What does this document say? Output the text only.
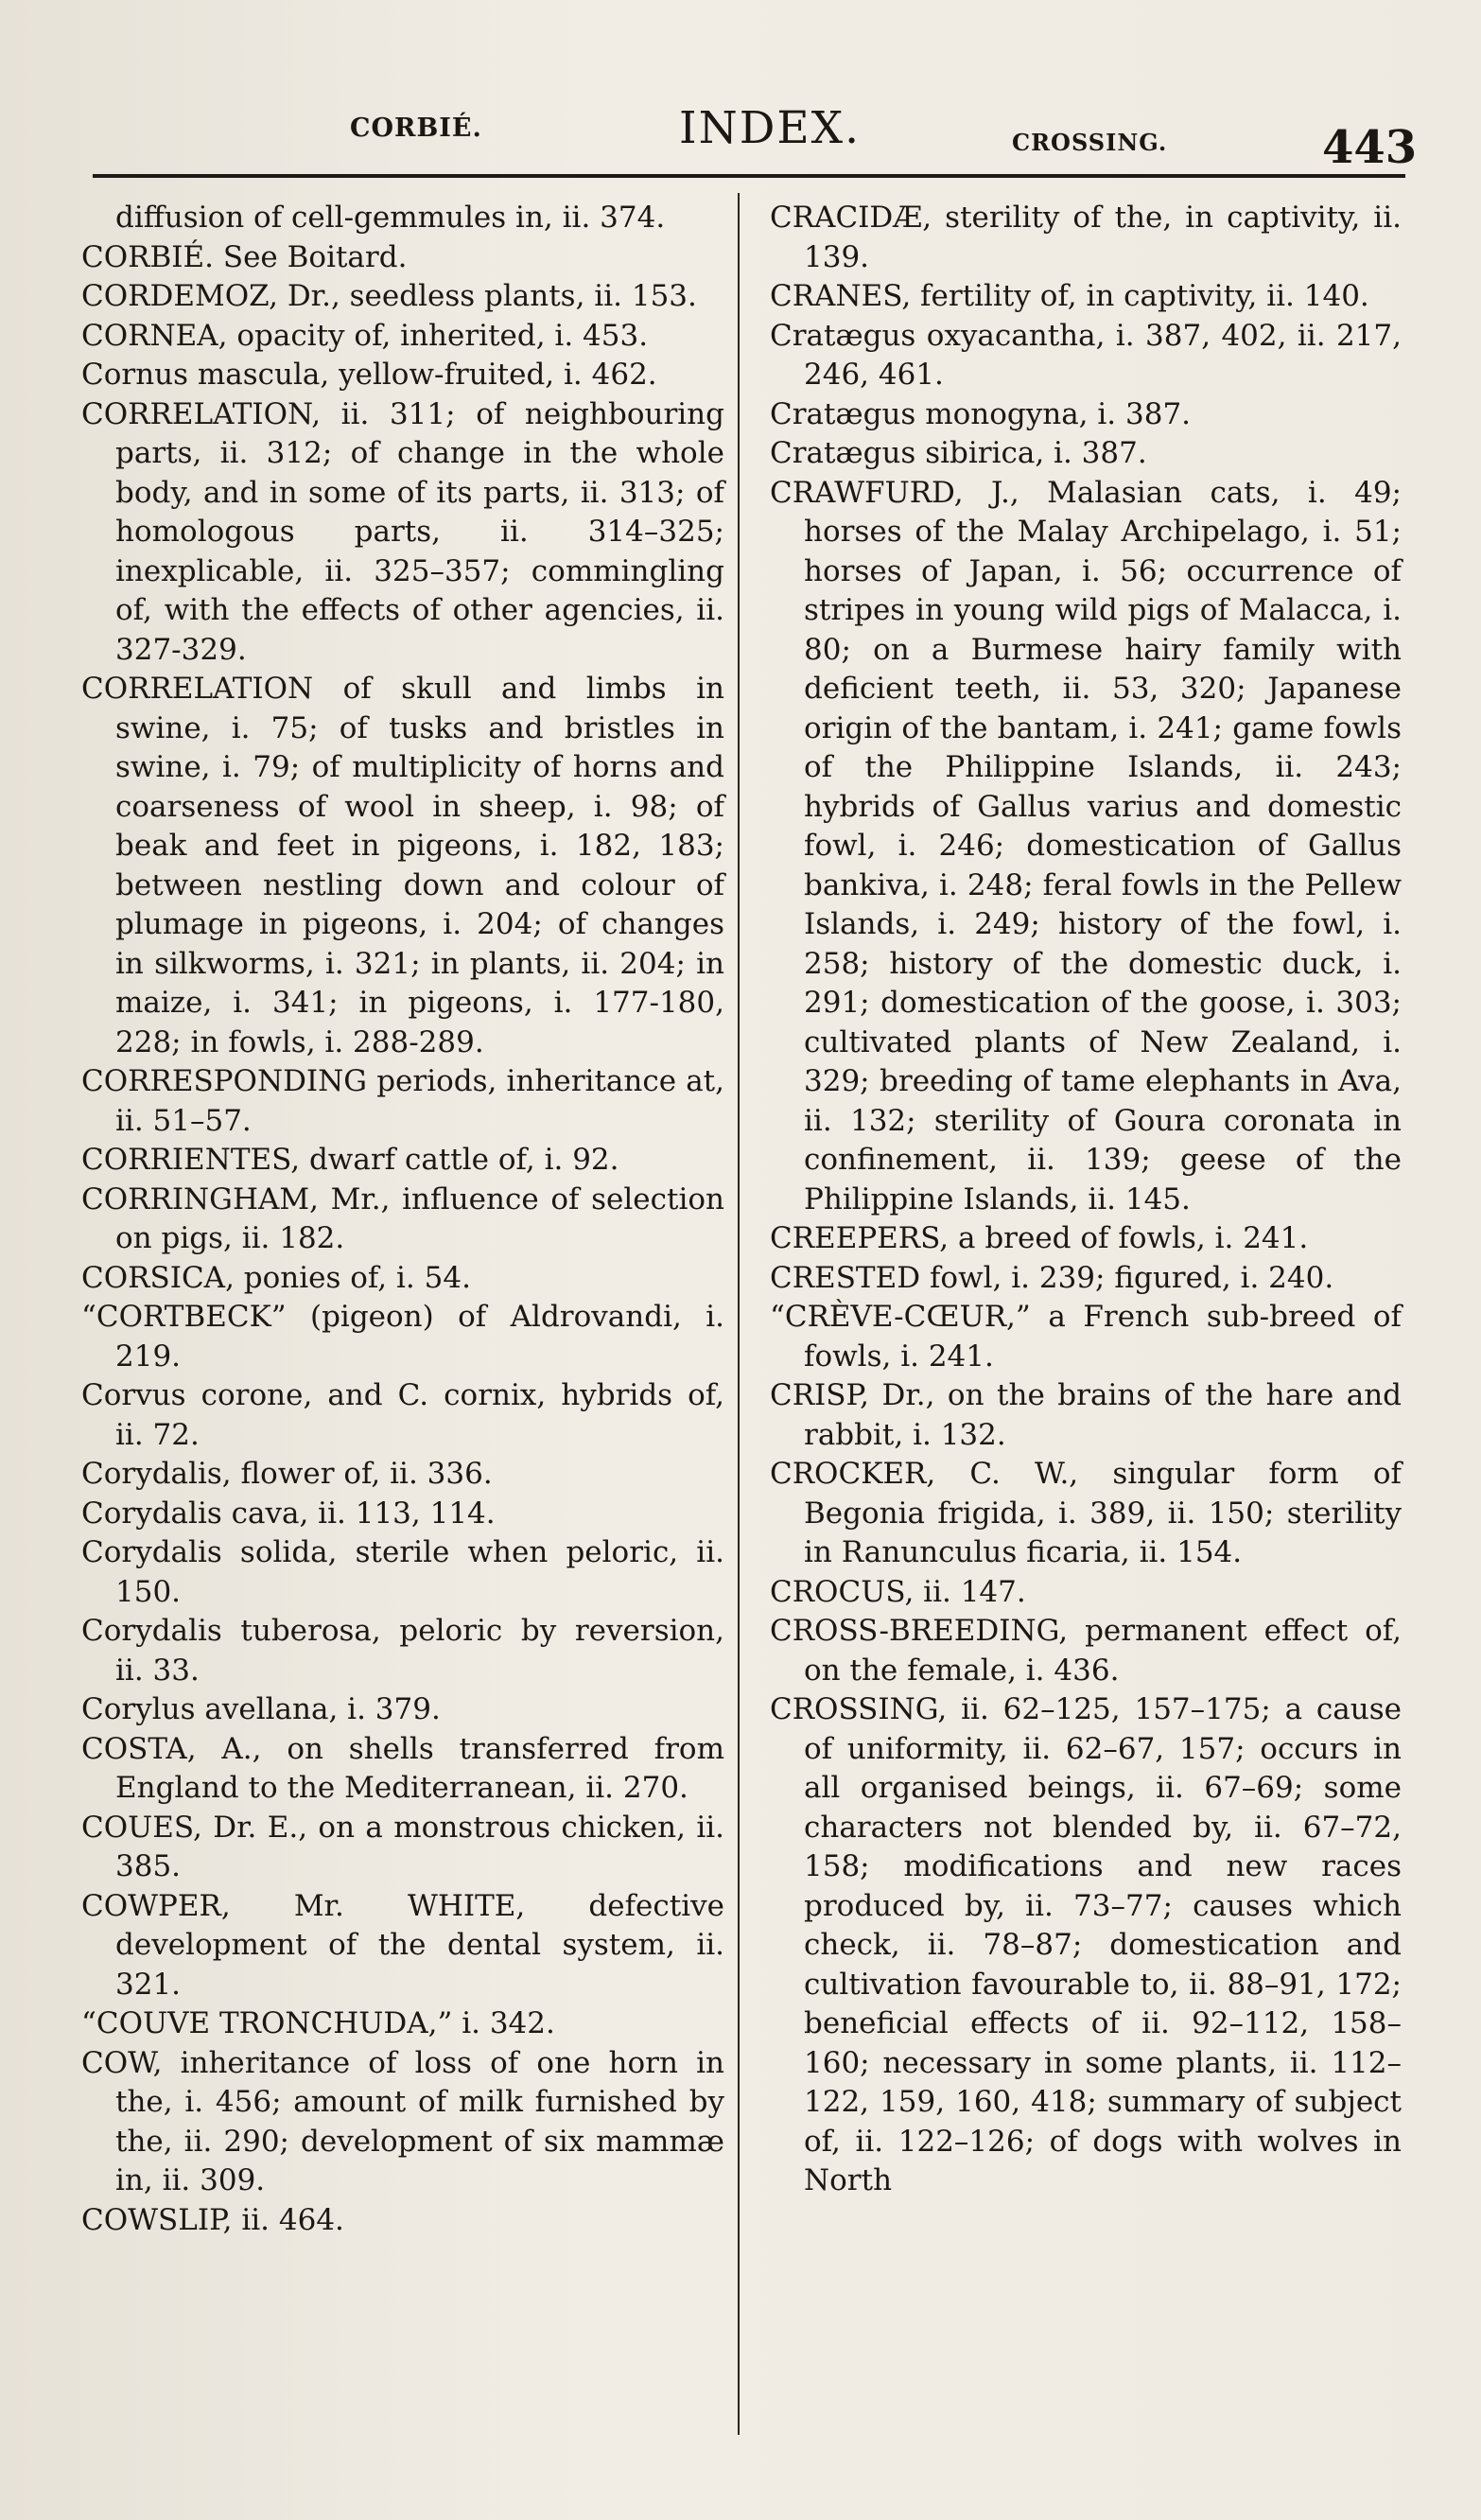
CORBIÉ.	INDEX.	CROSSING.	443

diffusion of cell-gemmules in, ii. 374.

CORBIÉ. See Boitard.

CORDEMOZ, Dr., seedless plants, ii. 153.

CORNEA, opacity of, inherited, i. 453.

Cornus mascula, yellow-fruited, i. 462.

CORRELATION, ii. 311; of neighbouring parts, ii. 312; of change in the whole body, and in some of its parts, ii. 313; of homologous parts, ii. 314–325; inexplicable, ii. 325–357; commingling of, with the effects of other agencies, ii. 327-329.

CORRELATION of skull and limbs in swine, i. 75; of tusks and bristles in swine, i. 79; of multiplicity of horns and coarseness of wool in sheep, i. 98; of beak and feet in pigeons, i. 182, 183; between nestling down and colour of plumage in pigeons, i. 204; of changes in silkworms, i. 321; in plants, ii. 204; in maize, i. 341; in pigeons, i. 177-180, 228; in fowls, i. 288-289.

CORRESPONDING periods, inheritance at, ii. 51–57.

CORRIENTES, dwarf cattle of, i. 92.

CORRINGHAM, Mr., influence of selection on pigs, ii. 182.

CORSICA, ponies of, i. 54.

“CORTBECK” (pigeon) of Aldrovandi, i. 219.

Corvus corone, and C. cornix, hybrids of, ii. 72.

Corydalis, flower of, ii. 336.

Corydalis cava, ii. 113, 114.

Corydalis solida, sterile when peloric, ii. 150.

Corydalis tuberosa, peloric by reversion, ii. 33.

Corylus avellana, i. 379.

COSTA, A., on shells transferred from England to the Mediterranean, ii. 270.

COUES, Dr. E., on a monstrous chicken, ii. 385.

COWPER, Mr. WHITE, defective development of the dental system, ii. 321.

“COUVE TRONCHUDA,” i. 342.

COW, inheritance of loss of one horn in the, i. 456; amount of milk furnished by the, ii. 290; development of six mammæ in, ii. 309.

COWSLIP, ii. 464.

CRACIDÆ, sterility of the, in captivity, ii. 139.

CRANES, fertility of, in captivity, ii. 140.

Cratægus oxyacantha, i. 387, 402, ii. 217, 246, 461.

Cratægus monogyna, i. 387.

Cratægus sibirica, i. 387.

CRAWFURD, J., Malasian cats, i. 49; horses of the Malay Archipelago, i. 51; horses of Japan, i. 56; occurrence of stripes in young wild pigs of Malacca, i. 80; on a Burmese hairy family with deficient teeth, ii. 53, 320; Japanese origin of the bantam, i. 241; game fowls of the Philippine Islands, ii. 243; hybrids of Gallus varius and domestic fowl, i. 246; domestication of Gallus bankiva, i. 248; feral fowls in the Pellew Islands, i. 249; history of the fowl, i. 258; history of the domestic duck, i. 291; domestication of the goose, i. 303; cultivated plants of New Zealand, i. 329; breeding of tame elephants in Ava, ii. 132; sterility of Goura coronata in confinement, ii. 139; geese of the Philippine Islands, ii. 145.

CREEPERS, a breed of fowls, i. 241.

CRESTED fowl, i. 239; figured, i. 240.

“CRÈVE-CŒUR,” a French sub-breed of fowls, i. 241.

CRISP, Dr., on the brains of the hare and rabbit, i. 132.

CROCKER, C. W., singular form of Begonia frigida, i. 389, ii. 150; sterility in Ranunculus ficaria, ii. 154.

CROCUS, ii. 147.

CROSS-BREEDING, permanent effect of, on the female, i. 436.

CROSSING, ii. 62–125, 157–175; a cause of uniformity, ii. 62–67, 157; occurs in all organised beings, ii. 67–69; some characters not blended by, ii. 67–72, 158; modifications and new races produced by, ii. 73–77; causes which check, ii. 78–87; domestication and cultivation favourable to, ii. 88–91, 172; beneficial effects of ii. 92–112, 158–160; necessary in some plants, ii. 112–122, 159, 160, 418; summary of subject of, ii. 122–126; of dogs with wolves in North
